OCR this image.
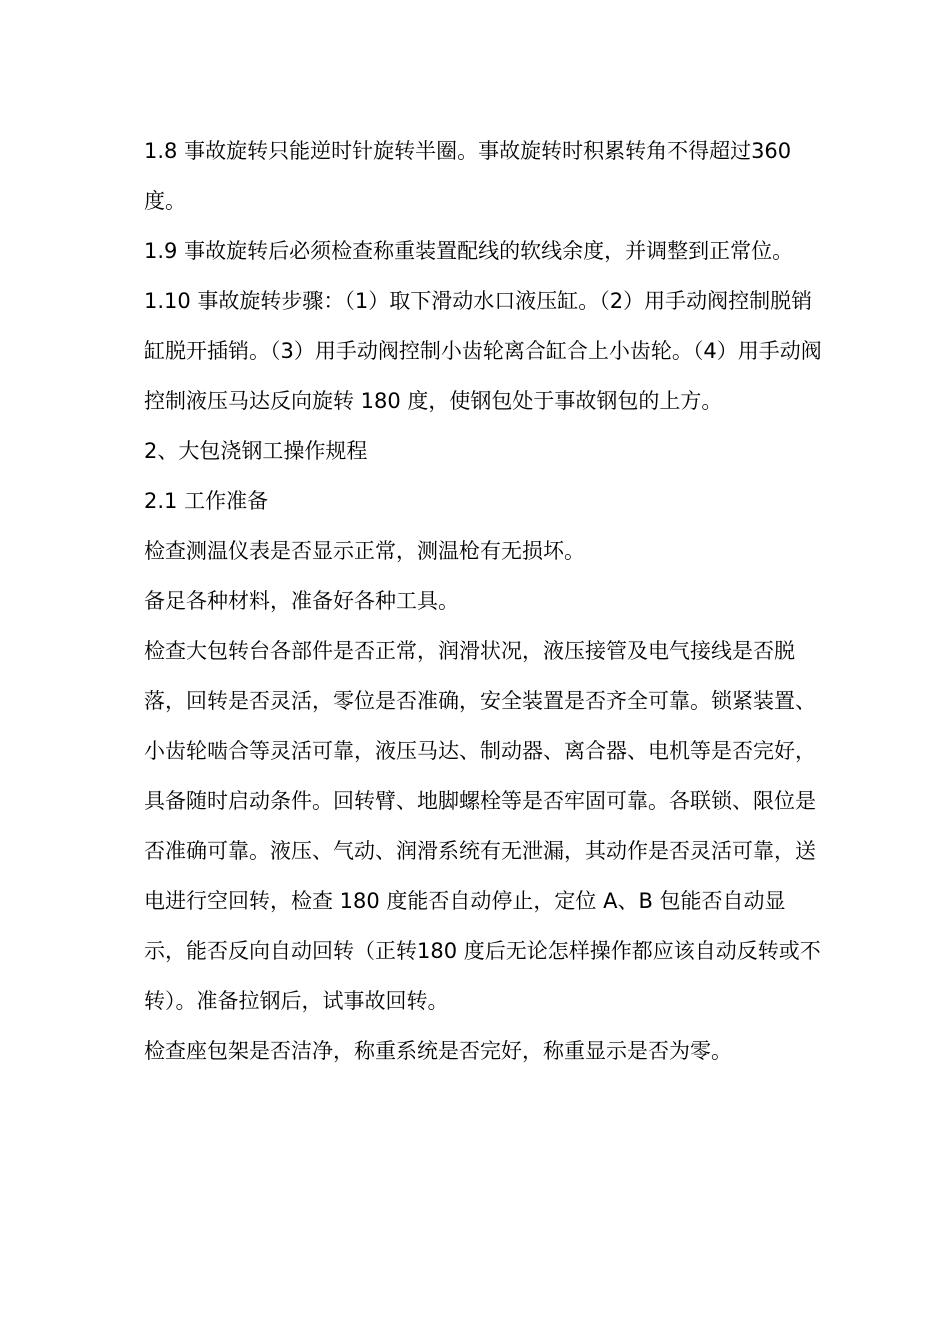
1.8 事故旋转只能逆时针旋转半圈。事故旋转时积累转角不得超过360 度。

1.9 事故旋转后必须检查称重装置配线的软线余度，并调整到正常位。

1.10 事故旋转步骤：（1）取下滑动水口液压缸。（2）用手动阀控制脱销缸脱开插销。（3）用手动阀控制小齿轮离合缸合上小齿轮。（4）用手动阀控制液压马达反向旋转 180 度，使钢包处于事故钢包的上方。

2、大包浇钢工操作规程

2.1 工作准备

检查测温仪表是否显示正常，测温枪有无损坏。

备足各种材料，准备好各种工具。

检查大包转台各部件是否正常，润滑状况，液压接管及电气接线是否脱落，回转是否灵活，零位是否准确，安全装置是否齐全可靠。锁紧装置、小齿轮啮合等灵活可靠，液压马达、制动器、离合器、电机等是否完好，具备随时启动条件。回转臂、地脚螺栓等是否牢固可靠。各联锁、限位是否准确可靠。液压、气动、润滑系统有无泄漏，其动作是否灵活可靠，送电进行空回转，检查 180 度能否自动停止，定位 A、B 包能否自动显示，能否反向自动回转（正转180 度后无论怎样操作都应该自动反转或不转）。准备拉钢后，试事故回转。

检查座包架是否洁净，称重系统是否完好，称重显示是否为零。
